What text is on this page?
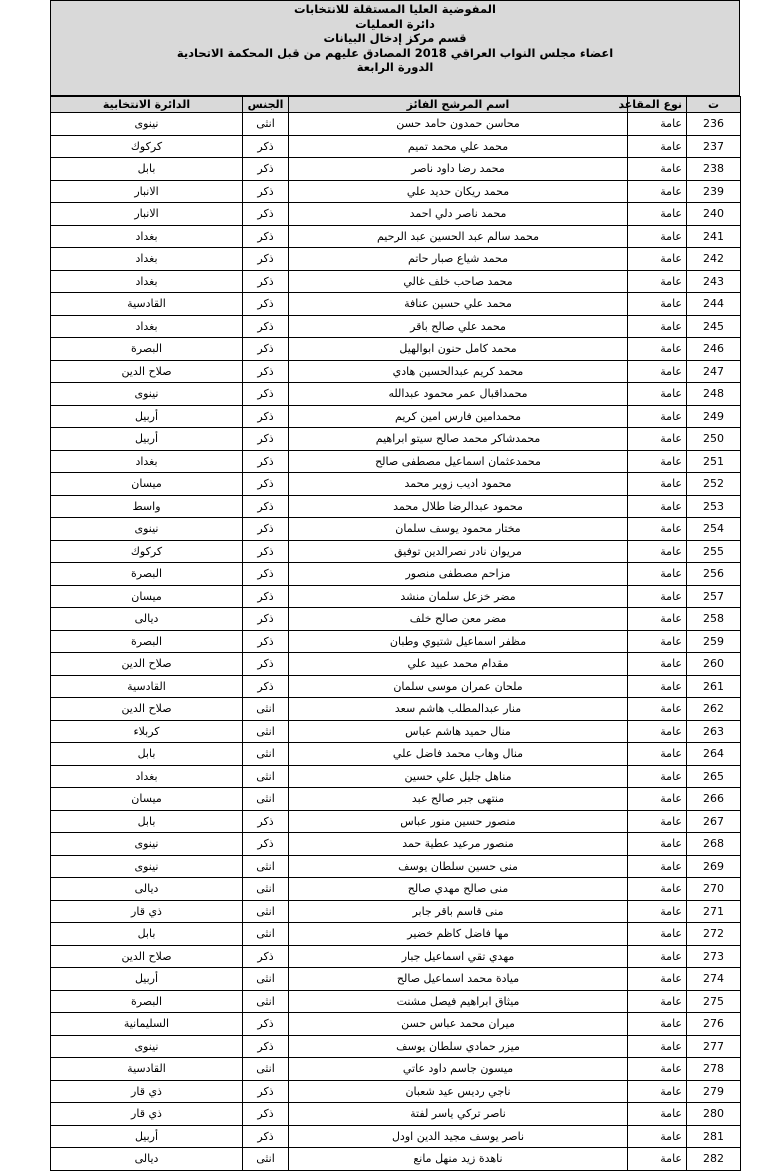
المفوضية العليا المستقلة للانتخابات
دائرة العمليات
قسم مركز إدخال البيانات
اعضاء مجلس النواب العراقي 2018 المصادق عليهم من قبل المحكمة الاتحادية
الدورة الرابعة
ت	نوع المقاعد	اسم المرشح الفائز	الجنس	الدائرة الانتخابية
236	عامة	محاسن حمدون حامد حسن	انثى	نينوى
237	عامة	محمد علي محمد تميم	ذكر	كركوك
238	عامة	محمد رضا داود ناصر	ذكر	بابل
239	عامة	محمد ريكان حديد علي	ذكر	الانبار
240	عامة	محمد ناصر دلي احمد	ذكر	الانبار
241	عامة	محمد سالم عبد الحسين عبد الرحيم	ذكر	بغداد
242	عامة	محمد شياع صبار حاتم	ذكر	بغداد
243	عامة	محمد صاحب خلف غالي	ذكر	بغداد
244	عامة	محمد علي حسين عنافة	ذكر	القادسية
245	عامة	محمد علي صالح باقر	ذكر	بغداد
246	عامة	محمد كامل حنون ابوالهيل	ذكر	البصرة
247	عامة	محمد كريم عبدالحسين هادي	ذكر	صلاح الدين
248	عامة	محمداقبال عمر محمود عبدالله	ذكر	نينوى
249	عامة	محمدامين فارس امين كريم	ذكر	أربيل
250	عامة	محمدشاكر محمد صالح سيتو ابراهيم	ذكر	أربيل
251	عامة	محمدعثمان اسماعيل مصطفى صالح	ذكر	بغداد
252	عامة	محمود اديب زوير محمد	ذكر	ميسان
253	عامة	محمود عبدالرضا طلال محمد	ذكر	واسط
254	عامة	مختار محمود يوسف سلمان	ذكر	نينوى
255	عامة	مريوان نادر نصرالدين توفيق	ذكر	كركوك
256	عامة	مزاحم مصطفى منصور	ذكر	البصرة
257	عامة	مضر خزعل سلمان منشد	ذكر	ميسان
258	عامة	مضر معن صالح خلف	ذكر	ديالى
259	عامة	مظفر اسماعيل شتيوي وطبان	ذكر	البصرة
260	عامة	مقدام محمد عبيد علي	ذكر	صلاح الدين
261	عامة	ملحان عمران موسى سلمان	ذكر	القادسية
262	عامة	منار عبدالمطلب هاشم سعد	انثى	صلاح الدين
263	عامة	منال حميد هاشم عباس	انثى	كربلاء
264	عامة	منال وهاب محمد فاضل علي	انثى	بابل
265	عامة	مناهل جليل علي حسين	انثى	بغداد
266	عامة	منتهى جبر صالح عبد	انثى	ميسان
267	عامة	منصور حسين منور عباس	ذكر	بابل
268	عامة	منصور مرعيد عطية حمد	ذكر	نينوى
269	عامة	منى حسين سلطان يوسف	انثى	نينوى
270	عامة	منى صالح مهدي صالح	انثى	ديالى
271	عامة	منى قاسم باقر جابر	انثى	ذي قار
272	عامة	مها فاضل كاظم خضير	انثى	بابل
273	عامة	مهدي تقي اسماعيل جبار	ذكر	صلاح الدين
274	عامة	ميادة محمد اسماعيل صالح	انثى	أربيل
275	عامة	ميثاق ابراهيم فيصل مشنت	انثى	البصرة
276	عامة	ميران محمد عباس حسن	ذكر	السليمانية
277	عامة	ميزر حمادي سلطان يوسف	ذكر	نينوى
278	عامة	ميسون جاسم داود عاتي	انثى	القادسية
279	عامة	ناجي رديس عيد شعبان	ذكر	ذي قار
280	عامة	ناصر تركي ياسر لفتة	ذكر	ذي قار
281	عامة	ناصر يوسف مجيد الدين اودل	ذكر	أربيل
282	عامة	ناهدة زيد منهل مانع	انثى	ديالى
